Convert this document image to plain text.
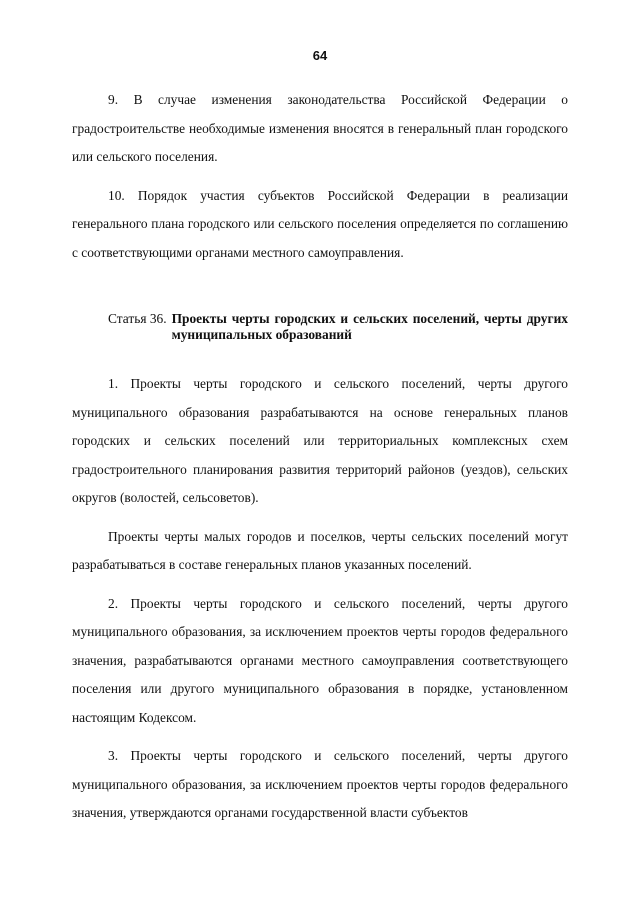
64

9. В случае изменения законодательства Российской Федерации о градостроительстве необходимые изменения вносятся в генеральный план городского или сельского поселения.

10. Порядок участия субъектов Российской Федерации в реализации генерального плана городского или сельского поселения определяется по соглашению с соответствующими органами местного самоуправления.

Статья 36. Проекты черты городских и сельских поселений, черты других муниципальных образований

1. Проекты черты городского и сельского поселений, черты другого муниципального образования разрабатываются на основе генеральных планов городских и сельских поселений или территориальных комплексных схем градостроительного планирования развития территорий районов (уездов), сельских округов (волостей, сельсоветов).

Проекты черты малых городов и поселков, черты сельских поселений могут разрабатываться в составе генеральных планов указанных поселений.

2. Проекты черты городского и сельского поселений, черты другого муниципального образования, за исключением проектов черты городов федерального значения, разрабатываются органами местного самоуправления соответствующего поселения или другого муниципального образования в порядке, установленном настоящим Кодексом.

3. Проекты черты городского и сельского поселений, черты другого муниципального образования, за исключением проектов черты городов федерального значения, утверждаются органами государственной власти субъектов
